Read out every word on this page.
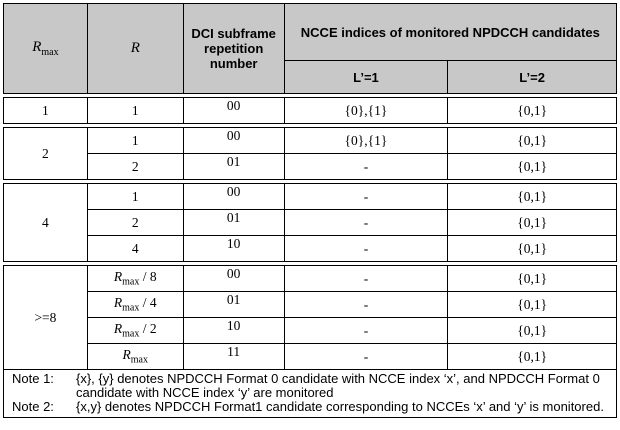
$R_{max}$	R	DCI subframe repetition number	NCCE indices of monitored NPDCCH candidates	
			L’=1	L’=2

1	1	00	{0},{1}	{0,1}

2	1	00	{0},{1}	{0,1}
	2	01	-	{0,1}

4	1	00	-	{0,1}
	2	01	-	{0,1}
	4	10	-	{0,1}

>=8	$R_{max} / 8$	00	-	{0,1}
	$R_{max} / 4$	01	-	{0,1}
	$R_{max} / 2$	10	-	{0,1}
	$R_{max}$	11	-	{0,1}

Note 1: {x}, {y} denotes NPDCCH Format 0 candidate with NCCE index ‘x’, and NPDCCH Format 0 candidate with NCCE index ‘y’ are monitored
Note 2: {x,y} denotes NPDCCH Format1 candidate corresponding to NCCEs ‘x’ and ‘y’ is monitored.				
